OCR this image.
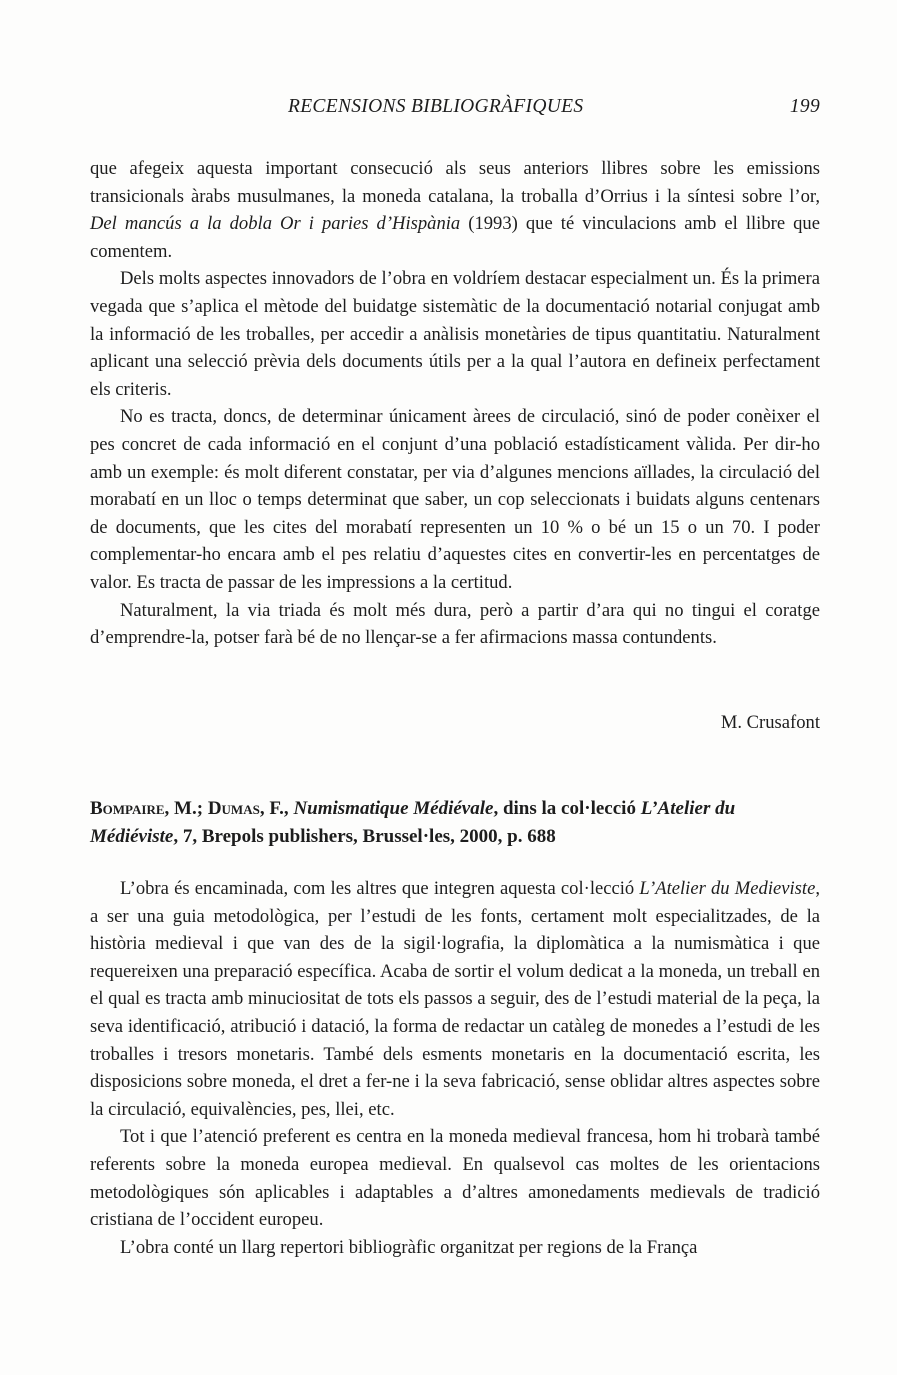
RECENSIONS BIBLIOGRÀFIQUES	199

que afegeix aquesta important consecució als seus anteriors llibres sobre les emissions transicionals àrabs musulmanes, la moneda catalana, la troballa d’Orrius i la síntesi sobre l’or, Del mancús a la dobla Or i paries d’Hispània (1993) que té vinculacions amb el llibre que comentem.

Dels molts aspectes innovadors de l’obra en voldríem destacar especialment un. És la primera vegada que s’aplica el mètode del buidatge sistemàtic de la documentació notarial conjugat amb la informació de les troballes, per accedir a anàlisis monetàries de tipus quantitatiu. Naturalment aplicant una selecció prèvia dels documents útils per a la qual l’autora en defineix perfectament els criteris.

No es tracta, doncs, de determinar únicament àrees de circulació, sinó de poder conèixer el pes concret de cada informació en el conjunt d’una població estadísticament vàlida. Per dir-ho amb un exemple: és molt diferent constatar, per via d’algunes mencions aïllades, la circulació del morabatí en un lloc o temps determinat que saber, un cop seleccionats i buidats alguns centenars de documents, que les cites del morabatí representen un 10 % o bé un 15 o un 70. I poder complementar-ho encara amb el pes relatiu d’aquestes cites en convertir-les en percentatges de valor. Es tracta de passar de les impressions a la certitud.

Naturalment, la via triada és molt més dura, però a partir d’ara qui no tingui el coratge d’emprendre-la, potser farà bé de no llençar-se a fer afirmacions massa contundents.

M. Crusafont
Bompaire, M.; Dumas, F., Numismatique Médiévale, dins la col·lecció L’Atelier du Médiéviste, 7, Brepols publishers, Brussel·les, 2000, p. 688

L’obra és encaminada, com les altres que integren aquesta col·lecció L’Atelier du Medieviste, a ser una guia metodològica, per l’estudi de les fonts, certament molt especialitzades, de la història medieval i que van des de la sigil·lografia, la diplomàtica a la numismàtica i que requereixen una preparació específica. Acaba de sortir el volum dedicat a la moneda, un treball en el qual es tracta amb minuciositat de tots els passos a seguir, des de l’estudi material de la peça, la seva identificació, atribució i datació, la forma de redactar un catàleg de monedes a l’estudi de les troballes i tresors monetaris. També dels esments monetaris en la documentació escrita, les disposicions sobre moneda, el dret a fer-ne i la seva fabricació, sense oblidar altres aspectes sobre la circulació, equivalències, pes, llei, etc.

Tot i que l’atenció preferent es centra en la moneda medieval francesa, hom hi trobarà també referents sobre la moneda europea medieval. En qualsevol cas moltes de les orientacions metodològiques són aplicables i adaptables a d’altres amonedaments medievals de tradició cristiana de l’occident europeu.

L’obra conté un llarg repertori bibliogràfic organitzat per regions de la França
